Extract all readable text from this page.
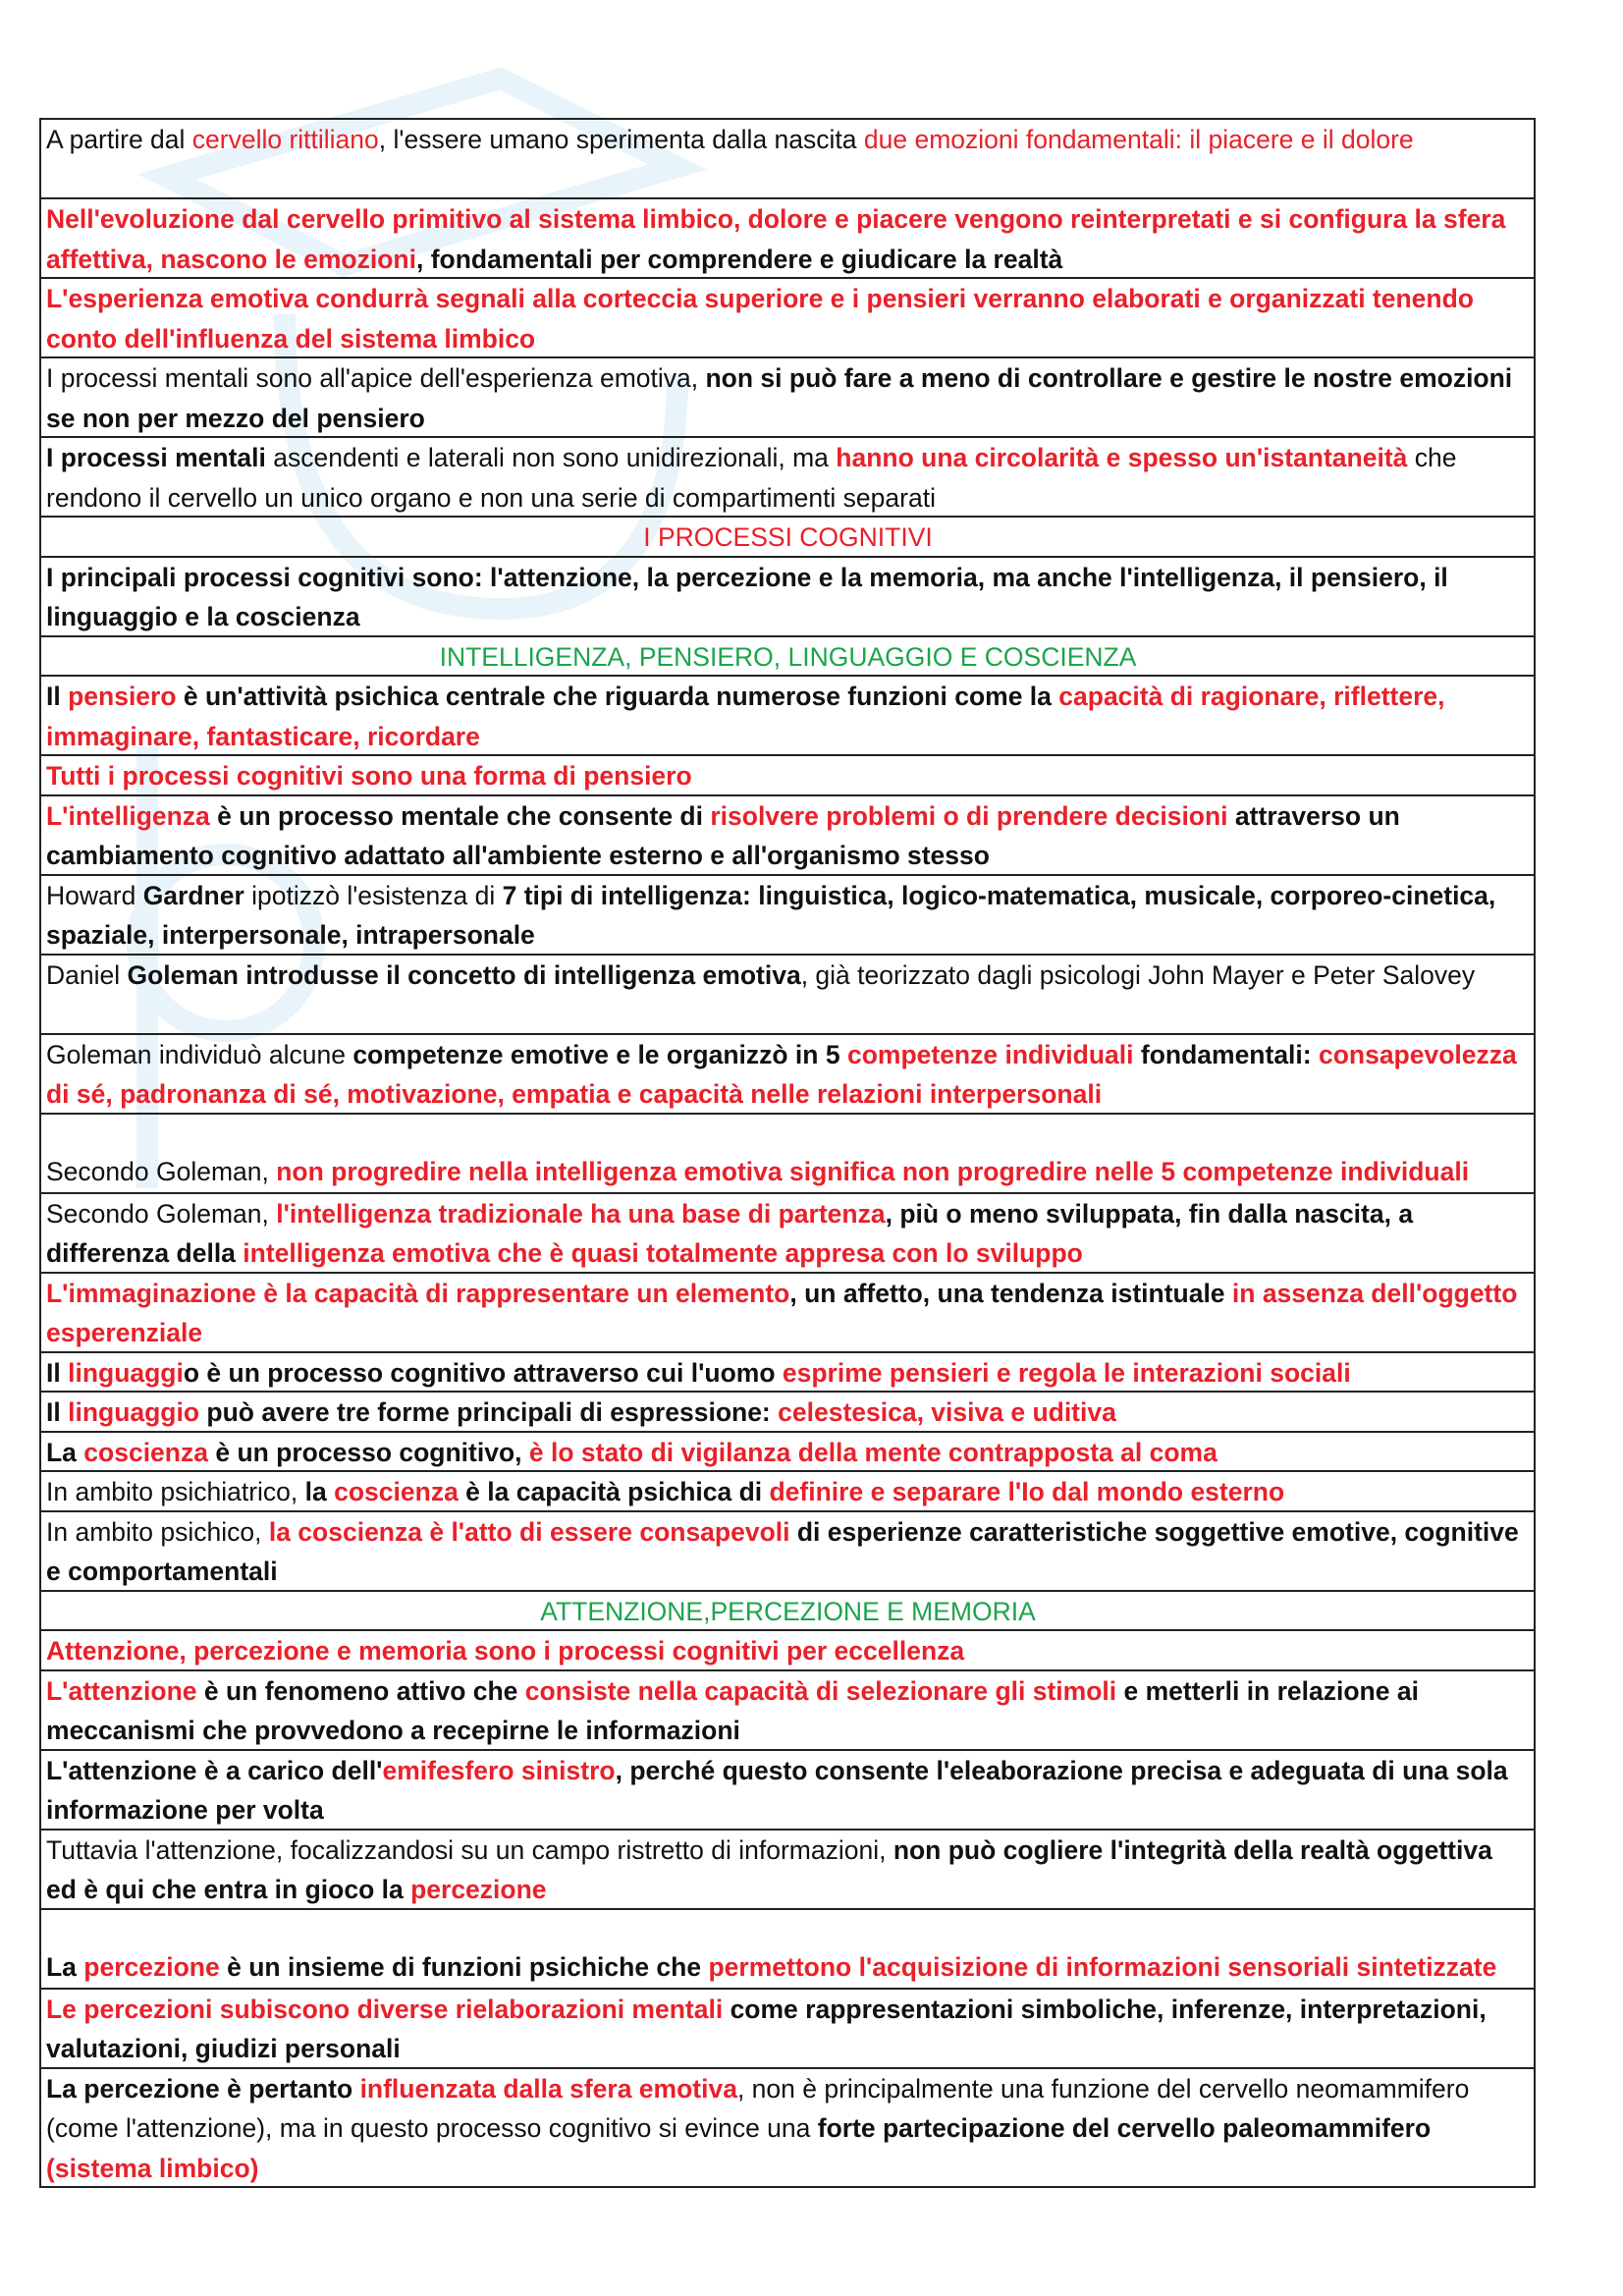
A partire dal cervello rittiliano, l'essere umano sperimenta dalla nascita due emozioni fondamentali: il piacere e il dolore
Nell'evoluzione dal cervello primitivo al sistema limbico, dolore e piacere vengono reinterpretati e si configura la sfera affettiva, nascono le emozioni, fondamentali per comprendere e giudicare la realtà
L'esperienza emotiva condurrà segnali alla corteccia superiore e i pensieri verranno elaborati e organizzati tenendo conto dell'influenza del sistema limbico
I processi mentali sono all'apice dell'esperienza emotiva, non si può fare a meno di controllare e gestire le nostre emozioni se non per mezzo del pensiero
I processi mentali ascendenti e laterali non sono unidirezionali, ma hanno una circolarità e spesso un'istantaneità che rendono il cervello un unico organo e non una serie di compartimenti separati
I PROCESSI COGNITIVI
I principali processi cognitivi sono: l'attenzione, la percezione e la memoria, ma anche l'intelligenza, il pensiero, il linguaggio e la coscienza
INTELLIGENZA, PENSIERO, LINGUAGGIO E COSCIENZA
Il pensiero è un'attività psichica centrale che riguarda numerose funzioni come la capacità di ragionare, riflettere, immaginare, fantasticare, ricordare
Tutti i processi cognitivi sono una forma di pensiero
L'intelligenza è un processo mentale che consente di risolvere problemi o di prendere decisioni attraverso un cambiamento cognitivo adattato all'ambiente esterno e all'organismo stesso
Howard Gardner ipotizzò l'esistenza di 7 tipi di intelligenza: linguistica, logico-matematica, musicale, corporeo-cinetica, spaziale, interpersonale, intrapersonale
Daniel Goleman introdusse il concetto di intelligenza emotiva, già teorizzato dagli psicologi John Mayer e Peter Salovey
Goleman individuò alcune competenze emotive e le organizzò in 5 competenze individuali fondamentali: consapevolezza di sé, padronanza di sé, motivazione, empatia e capacità nelle relazioni interpersonali
Secondo Goleman, non progredire nella intelligenza emotiva significa non progredire nelle 5 competenze individuali
Secondo Goleman, l'intelligenza tradizionale ha una base di partenza, più o meno sviluppata, fin dalla nascita, a differenza della intelligenza emotiva che è quasi totalmente appresa con lo sviluppo
L'immaginazione è la capacità di rappresentare un elemento, un affetto, una tendenza istintuale in assenza dell'oggetto esperenziale
Il linguaggio è un processo cognitivo attraverso cui l'uomo esprime pensieri e regola le interazioni sociali
Il linguaggio può avere tre forme principali di espressione: celestesica, visiva e uditiva
La coscienza è un processo cognitivo, è lo stato di vigilanza della mente contrapposta al coma
In ambito psichiatrico, la coscienza è la capacità psichica di definire e separare l'Io dal mondo esterno
In ambito psichico, la coscienza è l'atto di essere consapevoli di esperienze caratteristiche soggettive emotive, cognitive e comportamentali
ATTENZIONE,PERCEZIONE E MEMORIA
Attenzione, percezione e memoria sono i processi cognitivi per eccellenza
L'attenzione è un fenomeno attivo che consiste nella capacità di selezionare gli stimoli e metterli in relazione ai meccanismi che provvedono a recepirne le informazioni
L'attenzione è a carico dell'emifesfero sinistro, perché questo consente l'eleaborazione precisa e adeguata di una sola informazione per volta
Tuttavia l'attenzione, focalizzandosi su un campo ristretto di informazioni, non può cogliere l'integrità della realtà oggettiva ed è qui che entra in gioco la percezione
La percezione è un insieme di funzioni psichiche che permettono l'acquisizione di informazioni sensoriali sintetizzate
Le percezioni subiscono diverse rielaborazioni mentali come rappresentazioni simboliche, inferenze, interpretazioni, valutazioni, giudizi personali
La percezione è pertanto influenzata dalla sfera emotiva, non è principalmente una funzione del cervello neomammifero (come l'attenzione), ma in questo processo cognitivo si evince una forte partecipazione del cervello paleomammifero (sistema limbico)
